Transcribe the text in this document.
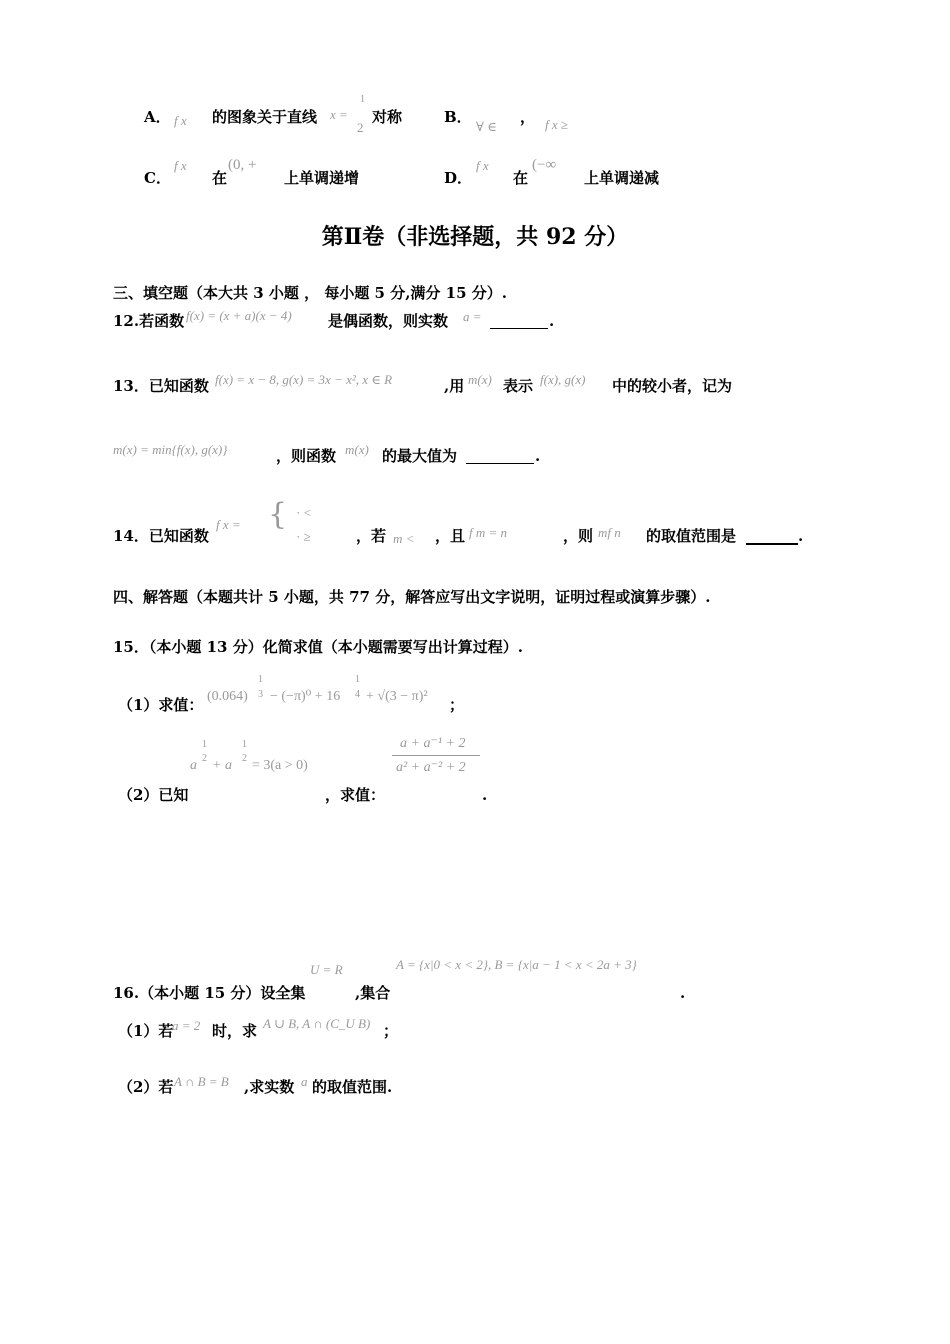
A． f x 的图象关于直线 x =
1
2
对称	B．
∀ ∈
， f x ≥
C．
f x
在
(0, +
上单调递增	D．
f x
在
(−∞
上单调递减
第Ⅱ卷（非选择题，共 92 分）
三、填空题（本大共 3 小题 ， 每小题 5 分,满分 15 分）.
12.若函数 f(x) = (x + a)(x − 4) 是偶函数，则实数 a =	.
13．已知函数 f(x) = x − 8, g(x) = 3x − x², x ∈ R	,用 m(x) 表示 f(x), g(x) 中的较小者，记为
m(x) = min{f(x), g(x)}	，则函数 m(x) 的最大值为	.
14．已知函数
f x = { · <
· ≥	，若 m < ，且 f m = n	，则 mf n 的取值范围是	.
四、解答题（本题共计 5 小题，共 77 分，解答应写出文字说明，证明过程或演算步骤）.
15．（本小题 13 分）化简求值（本小题需要写出计算过程）.
（1）求值： (0.064)
1
3 − (−π)⁰ + 16
1
4 + √(3 − π)² ；
a
1
2 + a
1
2 = 3(a > 0)
a + a⁻¹ + 2
a² + a⁻² + 2
（2）已知	，求值：	.
U = R	A = {x|0 < x < 2}, B = {x|a − 1 < x < 2a + 3}
16.（本小题 15 分）设全集	,集合	.
（1）若
a = 2 时，求 A ∪ B, A ∩ (C_U B) ；
（2）若 A ∩ B = B ,求实数 a 的取值范围.
